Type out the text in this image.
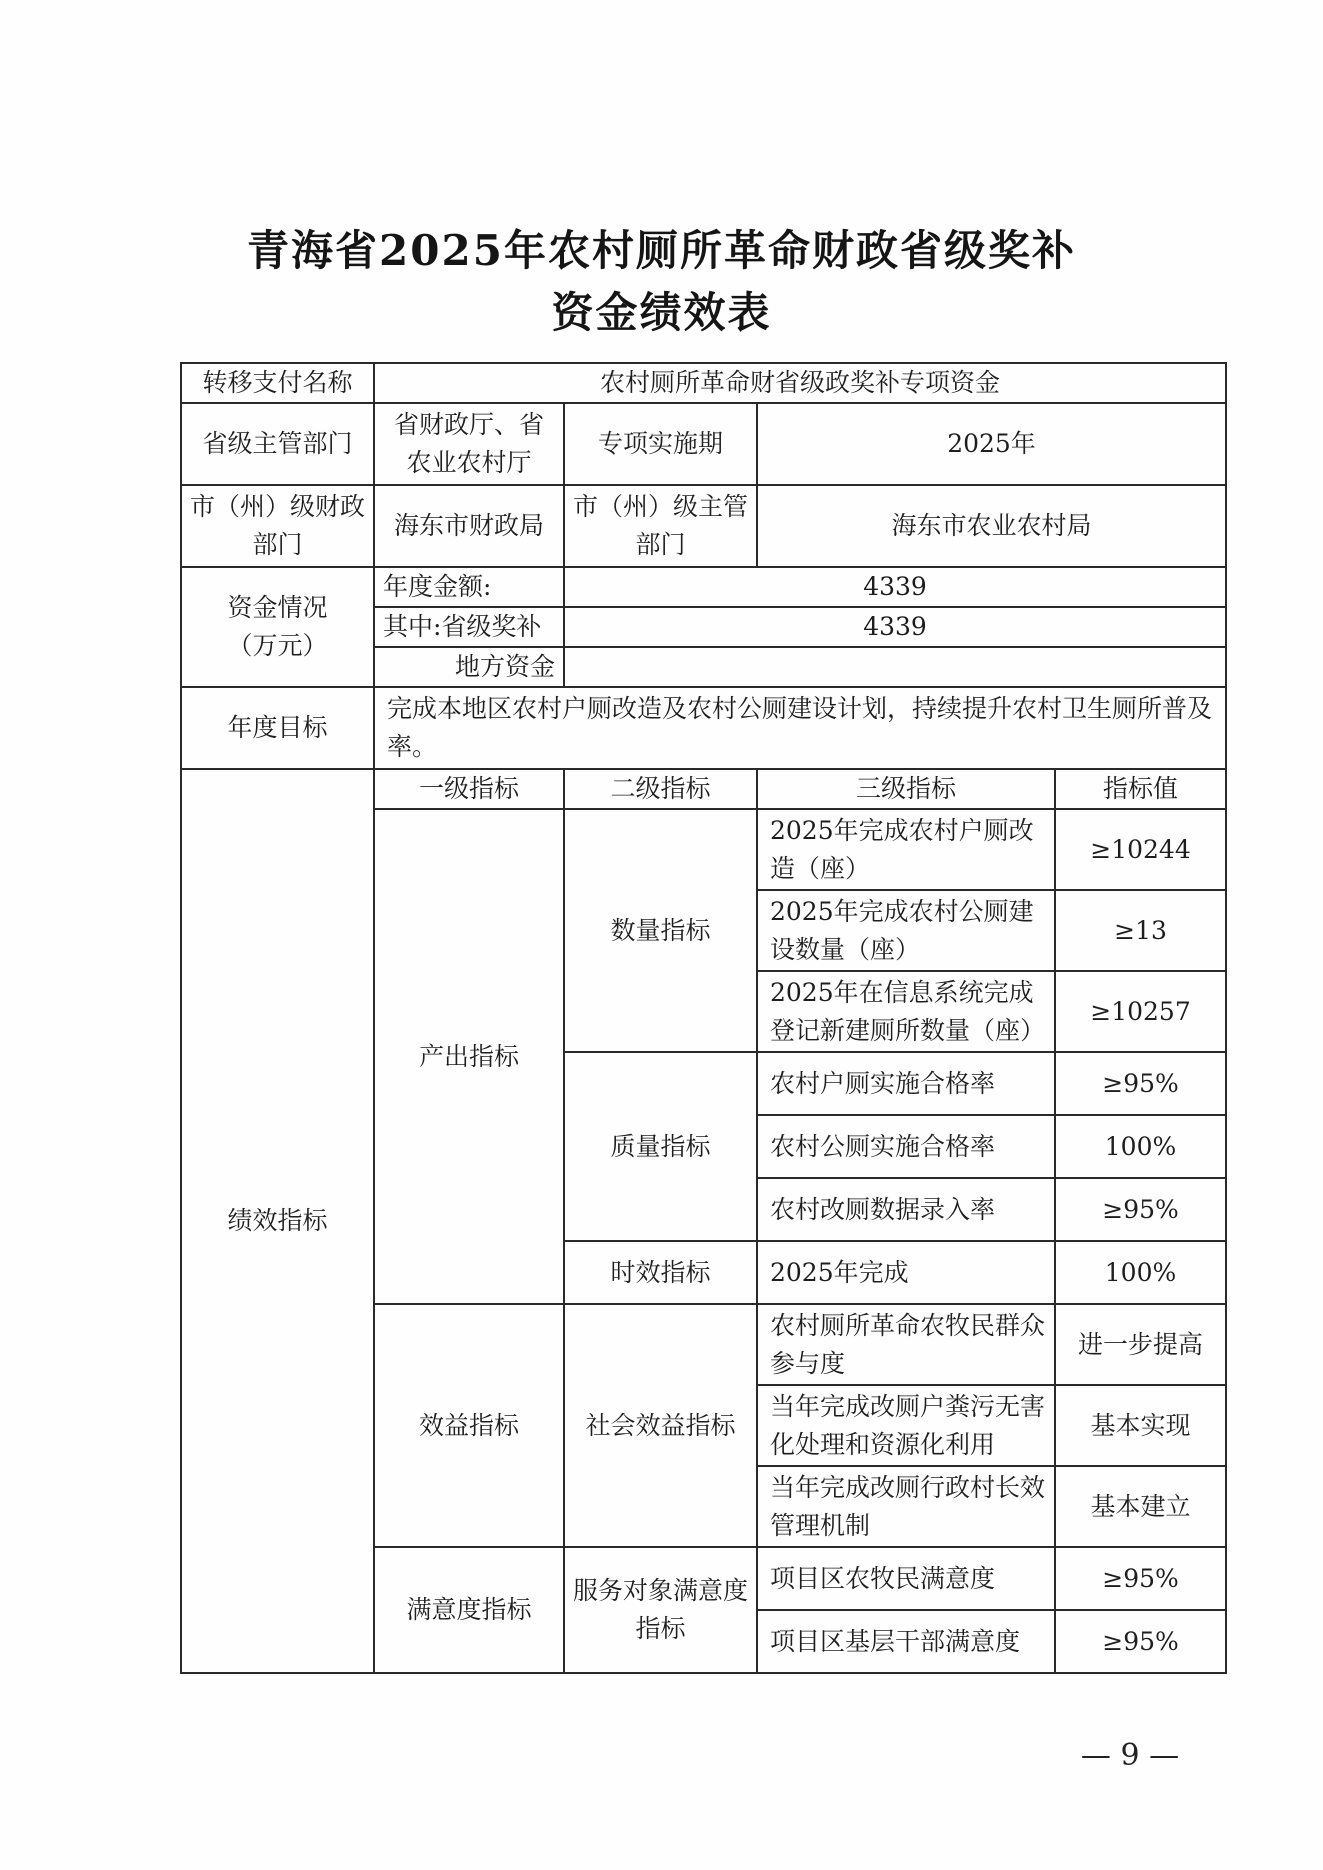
青海省2025年农村厕所革命财政省级奖补
资金绩效表
转移支付名称	农村厕所革命财省级政奖补专项资金			
省级主管部门	省财政厅、省农业农村厅	专项实施期	2025年	
市（州）级财政部门	海东市财政局	市（州）级主管部门	海东市农业农村局	
资金情况（万元）	年度金额:	4339		
	其中:省级奖补	4339		
	地方资金			
年度目标	完成本地区农村户厕改造及农村公厕建设计划，持续提升农村卫生厕所普及率。			
绩效指标	一级指标	二级指标	三级指标	指标值
	产出指标	数量指标	2025年完成农村户厕改造（座）	≥10244
			2025年完成农村公厕建设数量（座）	≥13
			2025年在信息系统完成登记新建厕所数量（座）	≥10257
		质量指标	农村户厕实施合格率	≥95%
			农村公厕实施合格率	100%
			农村改厕数据录入率	≥95%
		时效指标	2025年完成	100%
	效益指标	社会效益指标	农村厕所革命农牧民群众参与度	进一步提高
			当年完成改厕户粪污无害化处理和资源化利用	基本实现
			当年完成改厕行政村长效管理机制	基本建立
	满意度指标	服务对象满意度指标	项目区农牧民满意度	≥95%
			项目区基层干部满意度	≥95%
— 9 —
